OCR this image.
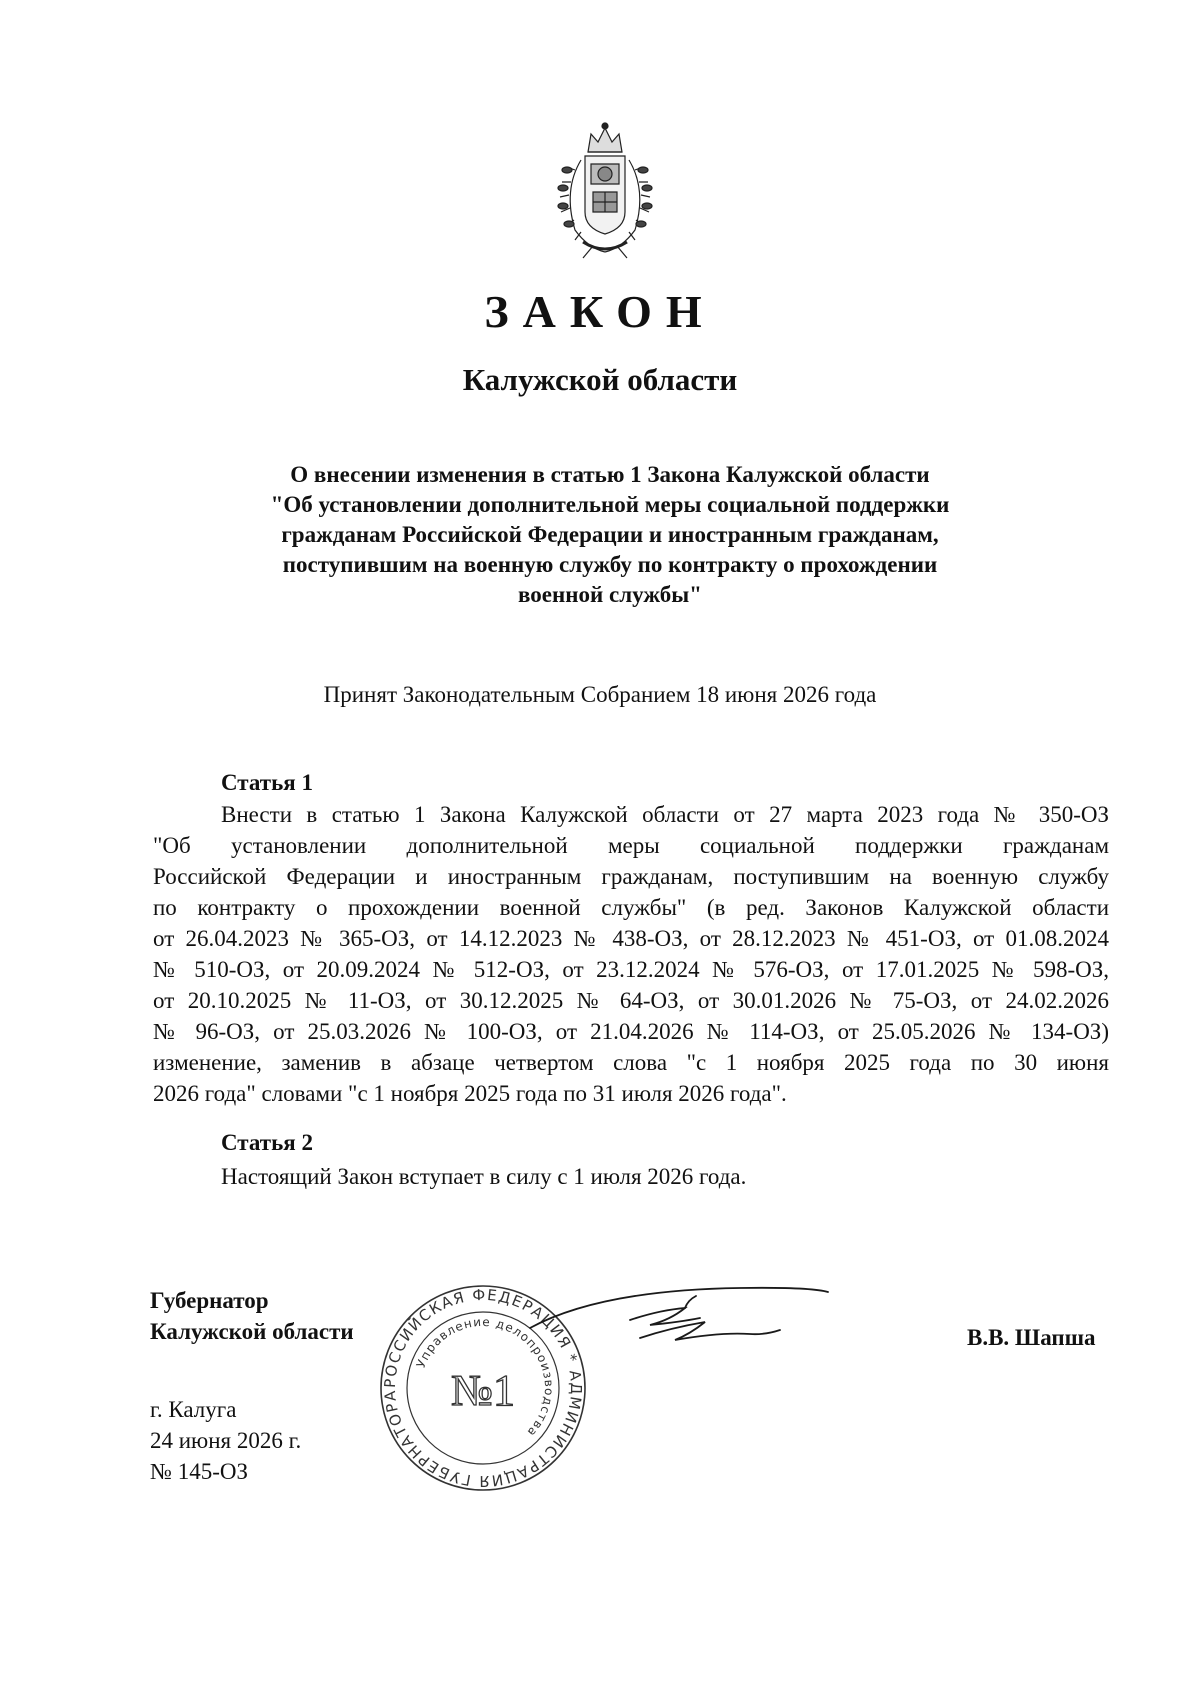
ЗАКОН
Калужской области
О внесении изменения в статью 1 Закона Калужской области
"Об установлении дополнительной меры социальной поддержки
гражданам Российской Федерации и иностранным гражданам,
поступившим на военную службу по контракту о прохождении
военной службы"
Принят Законодательным Собранием 18 июня 2026 года
Статья 1
Внести в статью 1 Закона Калужской области от 27 марта 2023 года № 350-ОЗ
"Об установлении дополнительной меры социальной поддержки гражданам
Российской Федерации и иностранным гражданам, поступившим на военную службу
по контракту о прохождении военной службы" (в ред. Законов Калужской области
от 26.04.2023 № 365-ОЗ, от 14.12.2023 № 438-ОЗ, от 28.12.2023 № 451-ОЗ, от 01.08.2024
№ 510-ОЗ, от 20.09.2024 № 512-ОЗ, от 23.12.2024 № 576-ОЗ, от 17.01.2025 № 598-ОЗ,
от 20.10.2025 № 11-ОЗ, от 30.12.2025 № 64-ОЗ, от 30.01.2026 № 75-ОЗ, от 24.02.2026
№ 96-ОЗ, от 25.03.2026 № 100-ОЗ, от 21.04.2026 № 114-ОЗ, от 25.05.2026 № 134-ОЗ)
изменение, заменив в абзаце четвертом слова "с 1 ноября 2025 года по 30 июня
2026 года" словами "с 1 ноября 2025 года по 31 июля 2026 года".
Статья 2
Настоящий Закон вступает в силу с 1 июля 2026 года.
Губернатор
Калужской области	В.В. Шапша
г. Калуга
24 июня 2026 г.
№ 145-ОЗ
РОССИЙСКАЯ ФЕДЕРАЦИЯ * АДМИНИСТРАЦИЯ ГУБЕРНАТОРА
Управление делопроизводства
№1
